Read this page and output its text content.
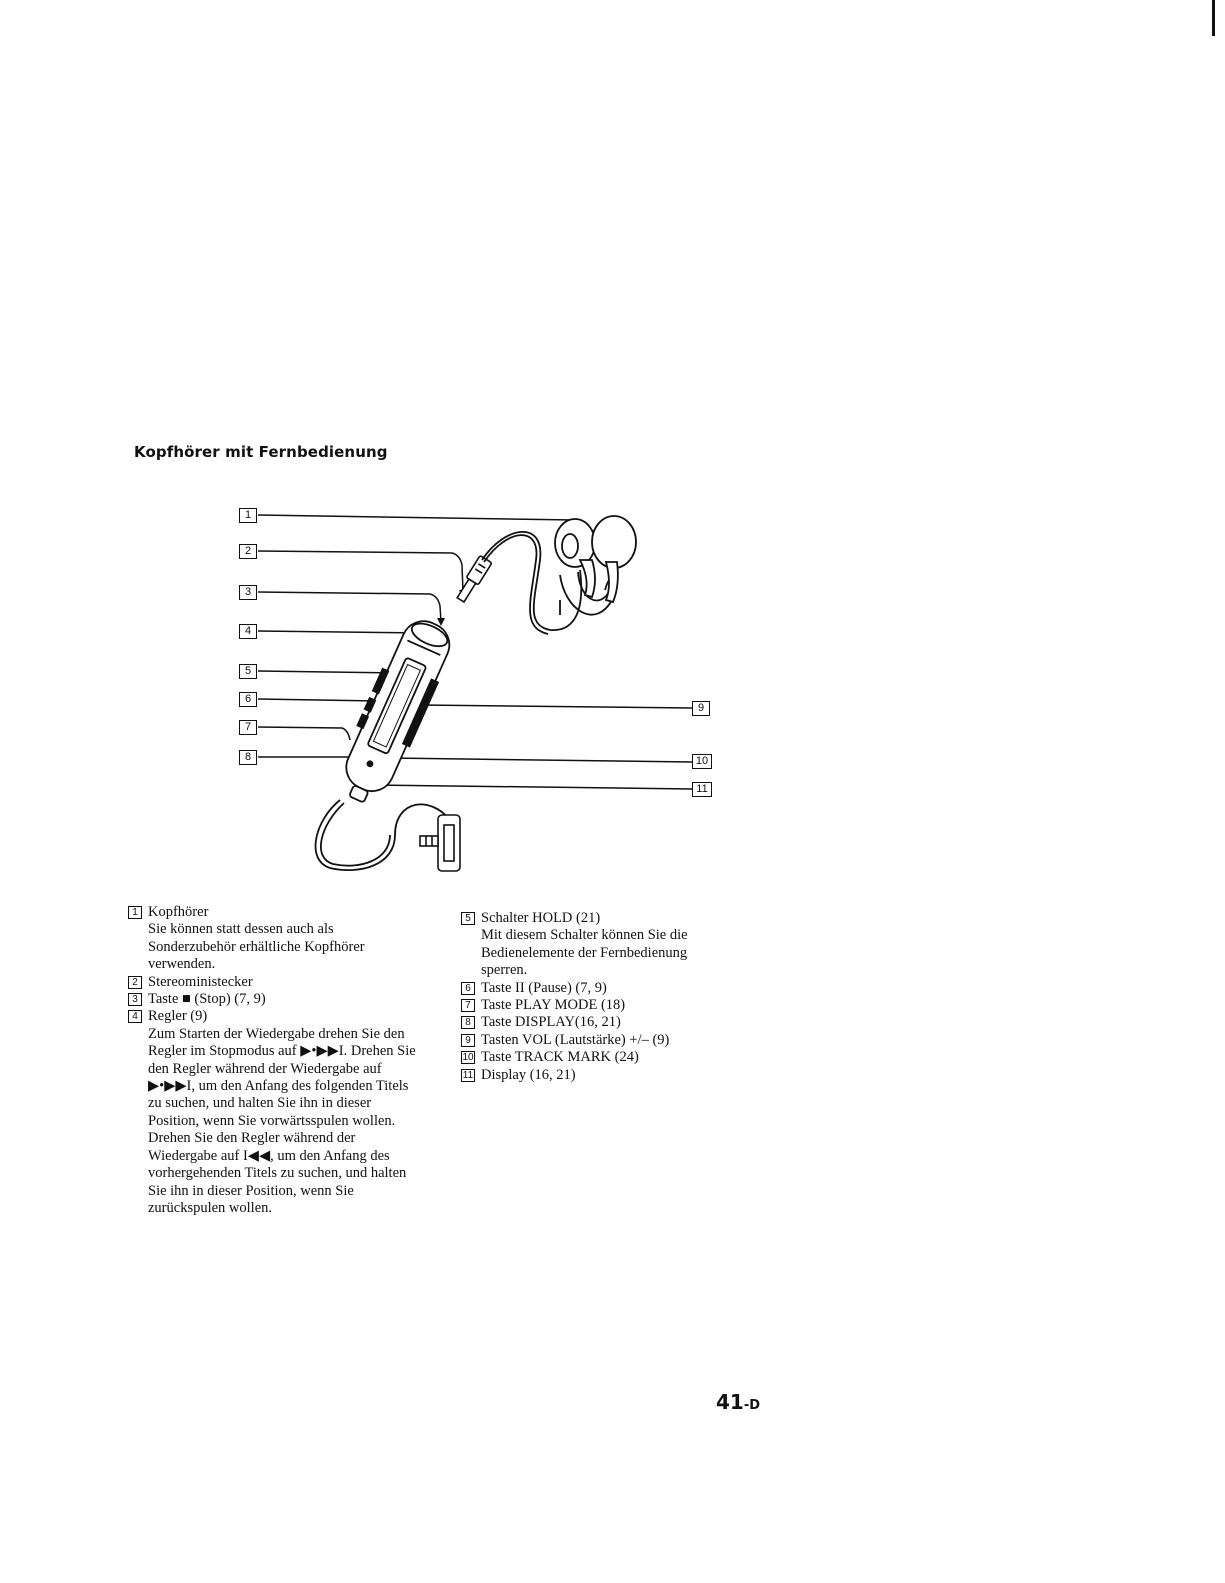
Kopfhörer mit Fernbedienung
1
2
3
4
5
6
7
8
9
10
11
1 Kopfhörer
Sie können statt dessen auch als Sonderzubehör erhältliche Kopfhörer verwenden.
2 Stereoministecker
3 Taste ■ (Stop) (7, 9)
4 Regler (9)
Zum Starten der Wiedergabe drehen Sie den Regler im Stopmodus auf ▶•▶▶I. Drehen Sie den Regler während der Wiedergabe auf ▶•▶▶I, um den Anfang des folgenden Titels zu suchen, und halten Sie ihn in dieser Position, wenn Sie vorwärtsspulen wollen. Drehen Sie den Regler während der Wiedergabe auf I◀◀, um den Anfang des vorhergehenden Titels zu suchen, und halten Sie ihn in dieser Position, wenn Sie zurückspulen wollen.
5 Schalter HOLD (21)
Mit diesem Schalter können Sie die Bedienelemente der Fernbedienung sperren.
6 Taste II (Pause) (7, 9)
7 Taste PLAY MODE (18)
8 Taste DISPLAY(16, 21)
9 Tasten VOL (Lautstärke) +/– (9)
10 Taste TRACK MARK (24)
11 Display (16, 21)
41-D
